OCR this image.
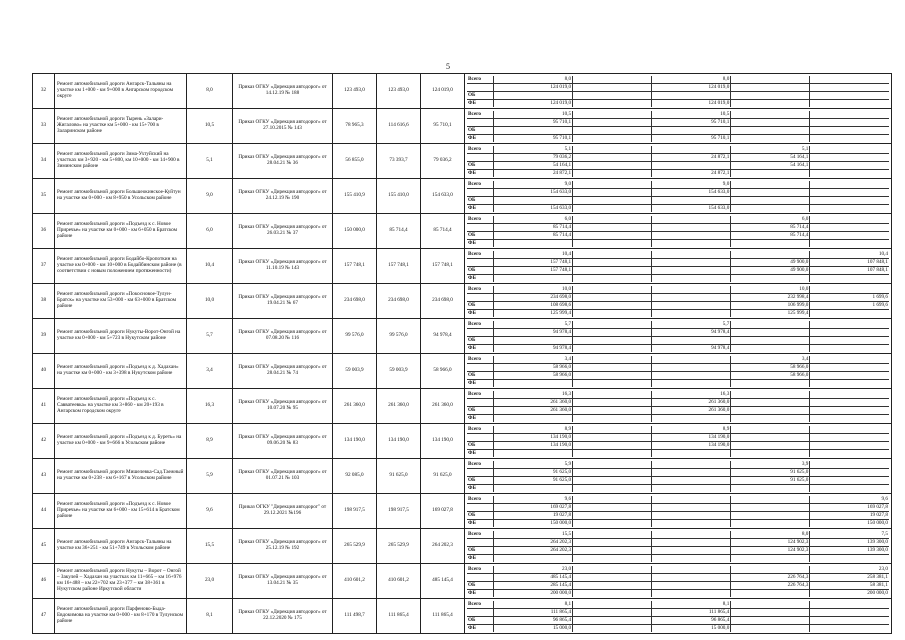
5
32	Ремонт автомобильной дороги Ангарск-Тальяны на участке км 1+000 - км 9+000 в Ангарском городском округе	8,0	Приказ ОГКУ «Дирекция автодорог» от 14.12.19 № 188	123 493,0	123 493,0	124 019,0	
Всего	8,0		8,0		
	124 019,0		124 019,0		
ОБ					
ФБ	124 019,0		124 019,0		

33	Ремонт автомобильной дороги Тырень «Залари-Жигалово» на участке км 5+000 - км 15+700 в Заларинском районе	10,5	Приказ ОГКУ «Дирекция автодорог» от 27.10.2015 № 143	78 965,3	114 616,6	95 710,1	
Всего	10,5		10,5		
	95 710,1		95 710,1		
ОБ					
ФБ	95 710,1		95 710,1		

34	Ремонт автомобильной дороги Зима-Ухтуйский на участках км 3+920 - км 5+800, км 10+000 - км 14+900 в Зиминском районе	5,1	Приказ ОГКУ «Дирекция автодорог» от 28.04.21 № 36	56 855,0	73 393,7	79 036,2	
Всего	5,1			5,1	
	79 036,2		24 872,1	54 164,1	
ОБ	54 164,1			54 164,1	
ФБ	24 872,1		24 872,1		

35	Ремонт автомобильной дороги Большеокинское-Куйтун на участке км 0+000 - км 8+950 в Усольском районе	9,0	Приказ ОГКУ «Дирекция автодорог» от 24.12.19 № 190	155 410,9	155 410,0	154 633,0	
Всего	9,0		9,0		
	154 633,0		154 633,0		
ОБ					
ФБ	154 633,0		154 633,0		

36	Ремонт автомобильной дороги «Подъезд к с. Новое Приречье» на участке км 0+000 - км 6+050 в Братском районе	6,0	Приказ ОГКУ «Дирекция автодорог» от 26.03.21 № 37	150 000,0	85 714,4	85 714,4	
Всего	6,0			6,0	
	85 714,4			85 714,4	
ОБ	85 714,4			85 714,4	
ФБ					

37	Ремонт автомобильной дороги Бодайбо-Кропоткин на участке км 0+000 - км 10+000 в Бодайбинском районе (в соответствии с новым положением протяженности)	10,4	Приказ ОГКУ «Дирекция автодорог» от 11.10.19 № 143	157 748,1	157 748,1	157 748,1	
Всего	10,4				10,4
	157 748,1			49 900,0	107 848,1
ОБ	157 748,1			49 900,0	107 848,1
ФБ					

38	Ремонт автомобильной дороги «Покосновое-Тулун-Братск» на участке км 53+000 - км 63+000 в Братском районе	10,0	Приказ ОГКУ «Дирекция автодорог» от 19.04.21 № 67	234 698,0	234 698,0	234 698,0	
Всего	10,0			10,0	
	234 698,0			232 998,4	1 699,6
ОБ	108 698,6			106 999,0	1 699,6
ФБ	125 999,4			125 999,4	

39	Ремонт автомобильной дороги Нукуты-Ворот-Онгой на участке км 0+000 - км 5+723 в Нукутском районе	5,7	Приказ ОГКУ «Дирекция автодорог» от 07.08.20 № 116	99 576,0	99 576,0	94 978,4	
Всего	5,7		5,7		
	94 978,4		94 978,4		
ОБ					
ФБ	94 978,4		94 978,4		

40	Ремонт автомобильной дороги «Подъезд к д. Хадахан» на участке км 0+000 - км 3+398 в Нукутском районе	3,4	Приказ ОГКУ «Дирекция автодорог» от 28.04.21 № 74	59 003,9	59 003,9	58 966,0	
Всего	3,4			3,4	
	58 966,0			58 966,0	
ОБ	58 966,0			58 966,0	
ФБ					

41	Ремонт автомобильной дороги «Подъезд к с. Савватеевка» на участке км 3+860 - км 20+193 в Ангарском городском округе	16,3	Приказ ОГКУ «Дирекция автодорог» от 10.07.20 № 95	261 360,0	261 360,0	261 360,0	
Всего	16,3		16,3		
	261 360,0		261 360,0		
ОБ	261 360,0		261 360,0		
ФБ					

42	Ремонт автомобильной дороги «Подъезд к д. Буреть» на участке км 0+000 - км 9+666 в Усольском районе	8,9	Приказ ОГКУ «Дирекция автодорог» от 09.06.20 № 83	134 190,0	134 190,0	134 190,0	
Всего	8,9		8,9		
	134 190,0		134 190,0		
ОБ	134 190,0		134 190,0		
ФБ					

43	Ремонт автомобильной дороги Мишелевка-Сад.Таежный на участке км 0+238 - км 6+167 в Усольском районе	5,9	Приказ ОГКУ «Дирекция автодорог» от 01.07.21 № 103	92 085,0	91 625,0	91 625,0	
Всего	5,9			3,9	
	91 625,0			91 625,0	
ОБ	91 625,0			91 625,0	
ФБ					

44	Ремонт автомобильной дороги «Подъезд к с. Новое Приречье» на участке км 6+000 - км 15+614 в Братском районе	9,6	Приказ ОГКУ "Дирекция автодорог" от 29.12.2021 №196	198 917,5	198 917,5	169 027,8	
Всего	9,6				9,6
	169 027,8				169 027,8
ОБ	19 027,8				19 027,8
ФБ	150 000,0				150 000,0

45	Ремонт автомобильной дороги Ангарск-Тальяны на участке км 36+251 - км 51+749 в Усольском районе	15,5	Приказ ОГКУ «Дирекция автодорог» от 25.12.19 № 192	265 529,9	265 529,9	264 202,3	
Всего	15,5			8,0	7,5
	264 202,3			124 902,3	139 300,0
ОБ	264 202,3			124 902,3	139 300,0
ФБ					

46	Ремонт автомобильной дороги Нукуты – Ворот – Онгой – Закулей – Хадахан на участках км 11+665 – км 16+976 км 16+488 – км 22+702 км 23+377 – км 38+361 в Нукутском районе Иркутской области	23,0	Приказ ОГКУ «Дирекция автодорог» от 13.04.21 № 35	410 601,2	410 601,2	485 145,4	
Всего	23,0				23,0
	485 145,4			226 764,3	258 381,1
ОБ	285 145,4			226 764,3	58 381,1
ФБ	200 000,0				200 000,0

47	Ремонт автомобильной дороги Парфеново-Быда-Евдокимова на участке км 0+000 - км 8+170 в Тулунском районе	8,1	Приказ ОГКУ «Дирекция автодорог» от 22.12.2020 № 175	111 498,7	111 865,4	111 865,4	
Всего	8,1		8,1		
	111 865,4		111 865,4		
ОБ	96 865,4		96 865,4		
ФБ	15 000,0		15 000,0		
